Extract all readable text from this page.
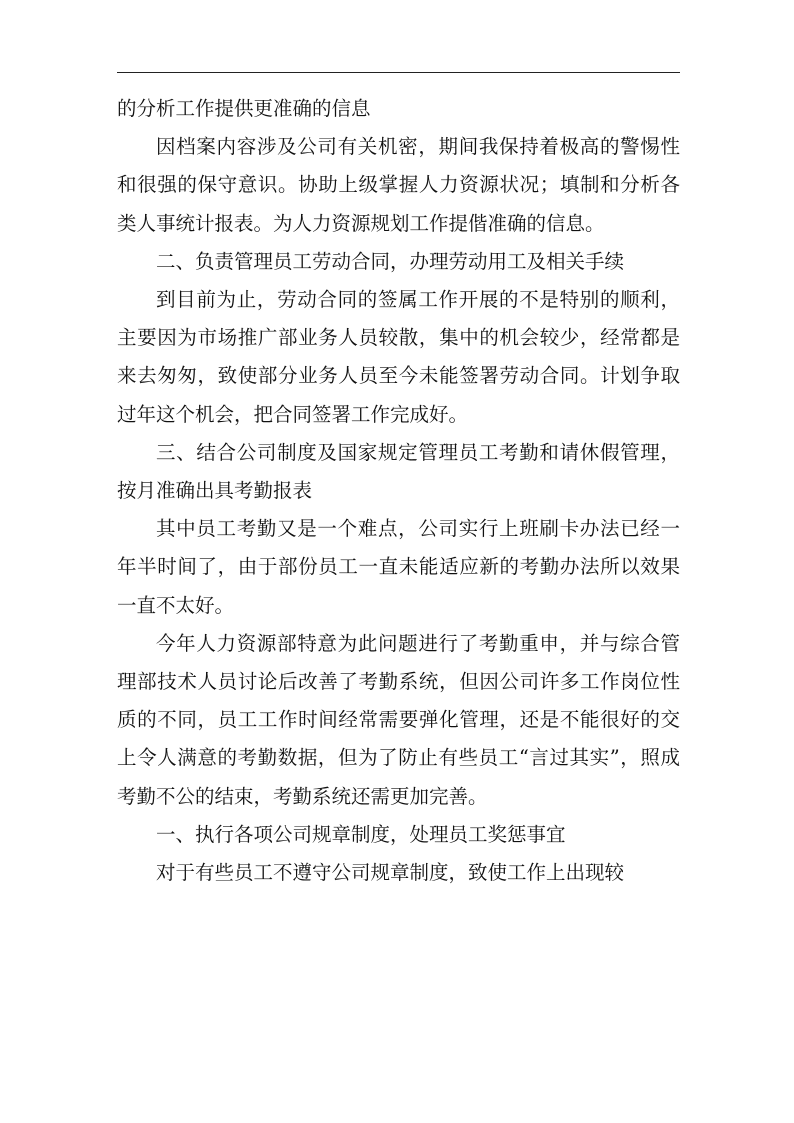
的分析工作提供更准确的信息

因档案内容涉及公司有关机密，期间我保持着极高的警惕性和很强的保守意识。协助上级掌握人力资源状况；填制和分析各类人事统计报表。为人力资源规划工作提偕准确的信息。

二、负责管理员工劳动合同，办理劳动用工及相关手续

到目前为止，劳动合同的签属工作开展的不是特别的顺利，主要因为市场推广部业务人员较散，集中的机会较少，经常都是来去匆匆，致使部分业务人员至今未能签署劳动合同。计划争取过年这个机会，把合同签署工作完成好。

三、结合公司制度及国家规定管理员工考勤和请休假管理，按月准确出具考勤报表

其中员工考勤又是一个难点，公司实行上班刷卡办法已经一年半时间了，由于部份员工一直未能适应新的考勤办法所以效果一直不太好。

今年人力资源部特意为此问题进行了考勤重申，并与综合管理部技术人员讨论后改善了考勤系统，但因公司许多工作岗位性质的不同，员工工作时间经常需要弹化管理，还是不能很好的交上令人满意的考勤数据，但为了防止有些员工“言过其实”，照成考勤不公的结束，考勤系统还需更加完善。

一、执行各项公司规章制度，处理员工奖惩事宜

对于有些员工不遵守公司规章制度，致使工作上出现较
